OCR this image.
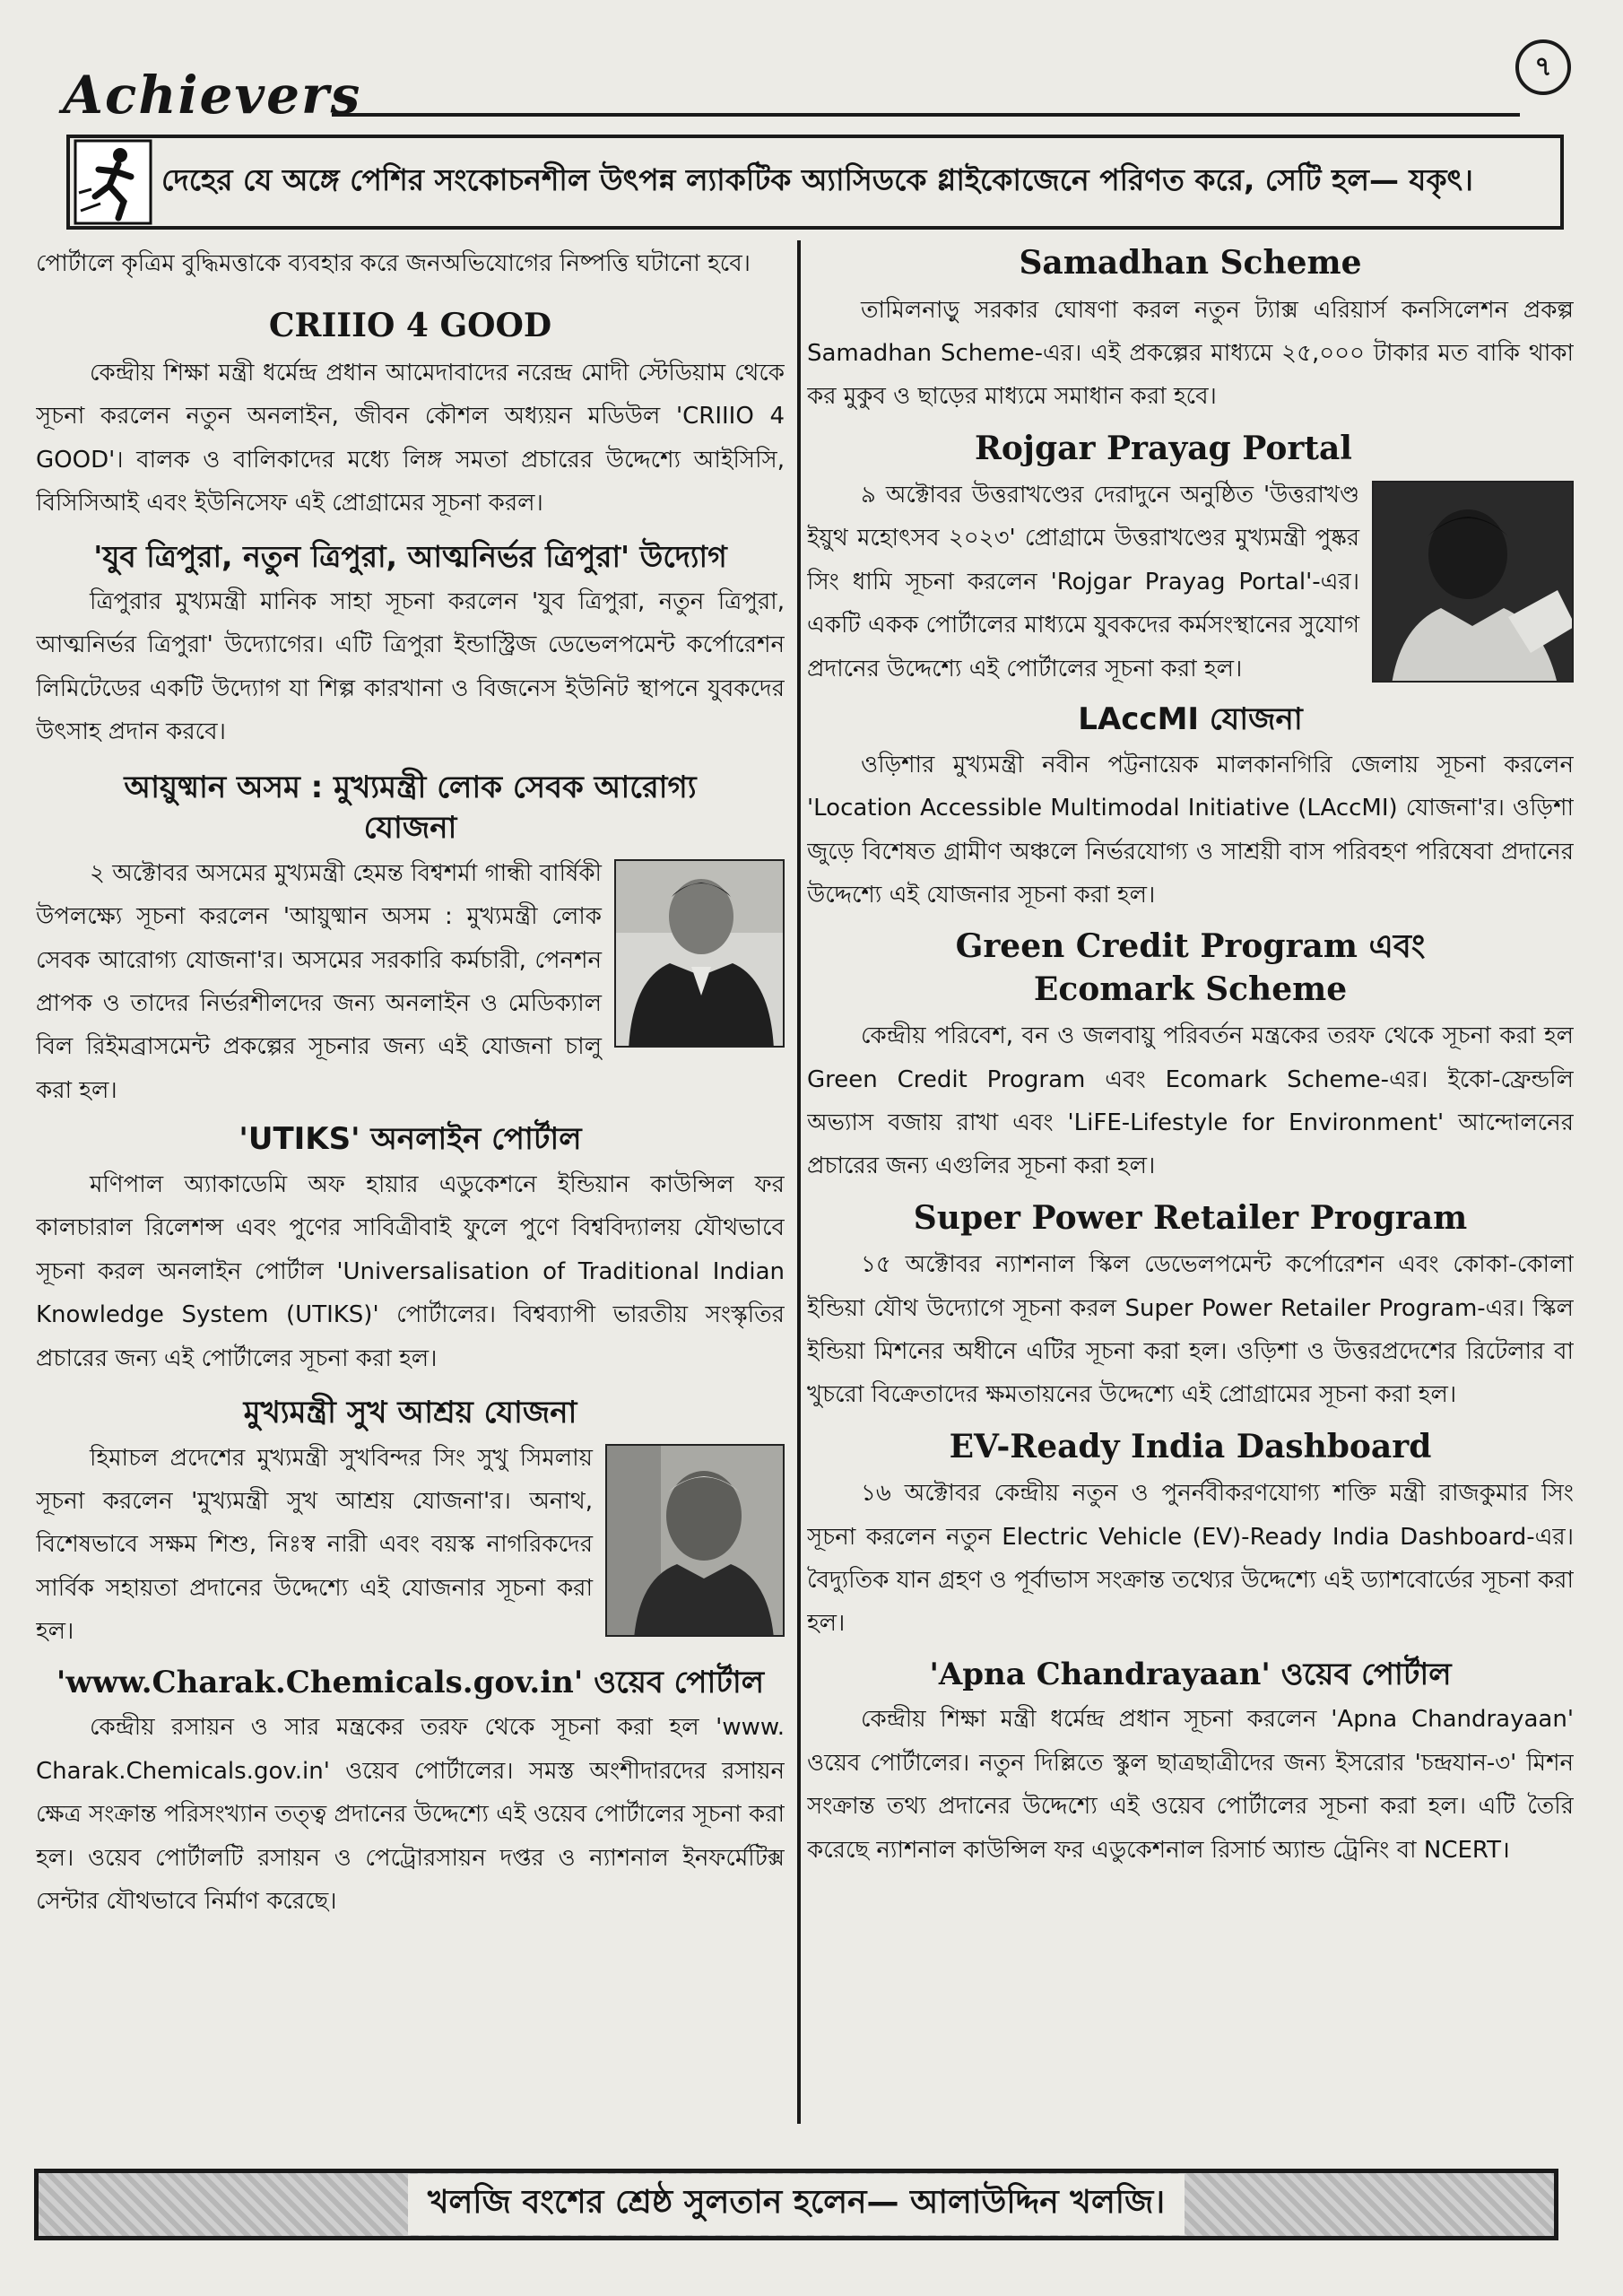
Achievers	৭
দেহের যে অঙ্গে পেশির সংকোচনশীল উৎপন্ন ল্যাকটিক অ্যাসিডকে গ্লাইকোজেনে পরিণত করে, সেটি হল— যকৃৎ।

পোর্টালে কৃত্রিম বুদ্ধিমত্তাকে ব্যবহার করে জনঅভিযোগের নিষ্পত্তি ঘটানো হবে।

CRIIIO 4 GOOD

কেন্দ্রীয় শিক্ষা মন্ত্রী ধর্মেন্দ্র প্রধান আমেদাবাদের নরেন্দ্র মোদী স্টেডিয়াম থেকে সূচনা করলেন নতুন অনলাইন, জীবন কৌশল অধ্যয়ন মডিউল 'CRIIIO 4 GOOD'। বালক ও বালিকাদের মধ্যে লিঙ্গ সমতা প্রচারের উদ্দেশ্যে আইসিসি, বিসিসিআই এবং ইউনিসেফ এই প্রোগ্রামের সূচনা করল।

'যুব ত্রিপুরা, নতুন ত্রিপুরা, আত্মনির্ভর ত্রিপুরা' উদ্যোগ

ত্রিপুরার মুখ্যমন্ত্রী মানিক সাহা সূচনা করলেন 'যুব ত্রিপুরা, নতুন ত্রিপুরা, আত্মনির্ভর ত্রিপুরা' উদ্যোগের। এটি ত্রিপুরা ইন্ডাস্ট্রিজ ডেভেলপমেন্ট কর্পোরেশন লিমিটেডের একটি উদ্যোগ যা শিল্প কারখানা ও বিজনেস ইউনিট স্থাপনে যুবকদের উৎসাহ প্রদান করবে।

আয়ুষ্মান অসম : মুখ্যমন্ত্রী লোক সেবক আরোগ্য যোজনা

২ অক্টোবর অসমের মুখ্যমন্ত্রী হেমন্ত বিশ্বশর্মা গান্ধী বার্ষিকী উপলক্ষ্যে সূচনা করলেন 'আয়ুষ্মান অসম : মুখ্যমন্ত্রী লোক সেবক আরোগ্য যোজনা'র। অসমের সরকারি কর্মচারী, পেনশন প্রাপক ও তাদের নির্ভরশীলদের জন্য অনলাইন ও মেডিক্যাল বিল রিইমব্রাসমেন্ট প্রকল্পের সূচনার জন্য এই যোজনা চালু করা হল।

'UTIKS' অনলাইন পোর্টাল

মণিপাল অ্যাকাডেমি অফ হায়ার এডুকেশনে ইন্ডিয়ান কাউন্সিল ফর কালচারাল রিলেশন্স এবং পুণের সাবিত্রীবাই ফুলে পুণে বিশ্ববিদ্যালয় যৌথভাবে সূচনা করল অনলাইন পোর্টাল 'Universalisation of Traditional Indian Knowledge System (UTIKS)' পোর্টালের। বিশ্বব্যাপী ভারতীয় সংস্কৃতির প্রচারের জন্য এই পোর্টালের সূচনা করা হল।

মুখ্যমন্ত্রী সুখ আশ্রয় যোজনা

হিমাচল প্রদেশের মুখ্যমন্ত্রী সুখবিন্দর সিং সুখু সিমলায় সূচনা করলেন 'মুখ্যমন্ত্রী সুখ আশ্রয় যোজনা'র। অনাথ, বিশেষভাবে সক্ষম শিশু, নিঃস্ব নারী এবং বয়স্ক নাগরিকদের সার্বিক সহায়তা প্রদানের উদ্দেশ্যে এই যোজনার সূচনা করা হল।

'www.Charak.Chemicals.gov.in' ওয়েব পোর্টাল

কেন্দ্রীয় রসায়ন ও সার মন্ত্রকের তরফ থেকে সূচনা করা হল 'www. Charak.Chemicals.gov.in' ওয়েব পোর্টালের। সমস্ত অংশীদারদের রসায়ন ক্ষেত্র সংক্রান্ত পরিসংখ্যান তত্ত্ব প্রদানের উদ্দেশ্যে এই ওয়েব পোর্টালের সূচনা করা হল। ওয়েব পোর্টালটি রসায়ন ও পেট্রোরসায়ন দপ্তর ও ন্যাশনাল ইনফর্মেটিক্স সেন্টার যৌথভাবে নির্মাণ করেছে।

Samadhan Scheme

তামিলনাড়ু সরকার ঘোষণা করল নতুন ট্যাক্স এরিয়ার্স কনসিলেশন প্রকল্প Samadhan Scheme-এর। এই প্রকল্পের মাধ্যমে ২৫,০০০ টাকার মত বাকি থাকা কর মুকুব ও ছাড়ের মাধ্যমে সমাধান করা হবে।

Rojgar Prayag Portal

৯ অক্টোবর উত্তরাখণ্ডের দেরাদুনে অনুষ্ঠিত 'উত্তরাখণ্ড ইয়ুথ মহোৎসব ২০২৩' প্রোগ্রামে উত্তরাখণ্ডের মুখ্যমন্ত্রী পুষ্কর সিং ধামি সূচনা করলেন 'Rojgar Prayag Portal'-এর। একটি একক পোর্টালের মাধ্যমে যুবকদের কর্মসংস্থানের সুযোগ প্রদানের উদ্দেশ্যে এই পোর্টালের সূচনা করা হল।

LAccMI যোজনা

ওড়িশার মুখ্যমন্ত্রী নবীন পট্টনায়েক মালকানগিরি জেলায় সূচনা করলেন 'Location Accessible Multimodal Initiative (LAccMI) যোজনা'র। ওড়িশা জুড়ে বিশেষত গ্রামীণ অঞ্চলে নির্ভরযোগ্য ও সাশ্রয়ী বাস পরিবহণ পরিষেবা প্রদানের উদ্দেশ্যে এই যোজনার সূচনা করা হল।

Green Credit Program এবং Ecomark Scheme

কেন্দ্রীয় পরিবেশ, বন ও জলবায়ু পরিবর্তন মন্ত্রকের তরফ থেকে সূচনা করা হল Green Credit Program এবং Ecomark Scheme-এর। ইকো-ফ্রেন্ডলি অভ্যাস বজায় রাখা এবং 'LiFE-Lifestyle for Environment' আন্দোলনের প্রচারের জন্য এগুলির সূচনা করা হল।

Super Power Retailer Program

১৫ অক্টোবর ন্যাশনাল স্কিল ডেভেলপমেন্ট কর্পোরেশন এবং কোকা-কোলা ইন্ডিয়া যৌথ উদ্যোগে সূচনা করল Super Power Retailer Program-এর। স্কিল ইন্ডিয়া মিশনের অধীনে এটির সূচনা করা হল। ওড়িশা ও উত্তরপ্রদেশের রিটেলার বা খুচরো বিক্রেতাদের ক্ষমতায়নের উদ্দেশ্যে এই প্রোগ্রামের সূচনা করা হল।

EV-Ready India Dashboard

১৬ অক্টোবর কেন্দ্রীয় নতুন ও পুনর্নবীকরণযোগ্য শক্তি মন্ত্রী রাজকুমার সিং সূচনা করলেন নতুন Electric Vehicle (EV)-Ready India Dashboard-এর। বৈদ্যুতিক যান গ্রহণ ও পূর্বাভাস সংক্রান্ত তথ্যের উদ্দেশ্যে এই ড্যাশবোর্ডের সূচনা করা হল।

'Apna Chandrayaan' ওয়েব পোর্টাল

কেন্দ্রীয় শিক্ষা মন্ত্রী ধর্মেন্দ্র প্রধান সূচনা করলেন 'Apna Chandrayaan' ওয়েব পোর্টালের। নতুন দিল্লিতে স্কুল ছাত্রছাত্রীদের জন্য ইসরোর 'চন্দ্রযান-৩' মিশন সংক্রান্ত তথ্য প্রদানের উদ্দেশ্যে এই ওয়েব পোর্টালের সূচনা করা হল। এটি তৈরি করেছে ন্যাশনাল কাউন্সিল ফর এডুকেশনাল রিসার্চ অ্যান্ড ট্রেনিং বা NCERT।

খলজি বংশের শ্রেষ্ঠ সুলতান হলেন— আলাউদ্দিন খলজি।
